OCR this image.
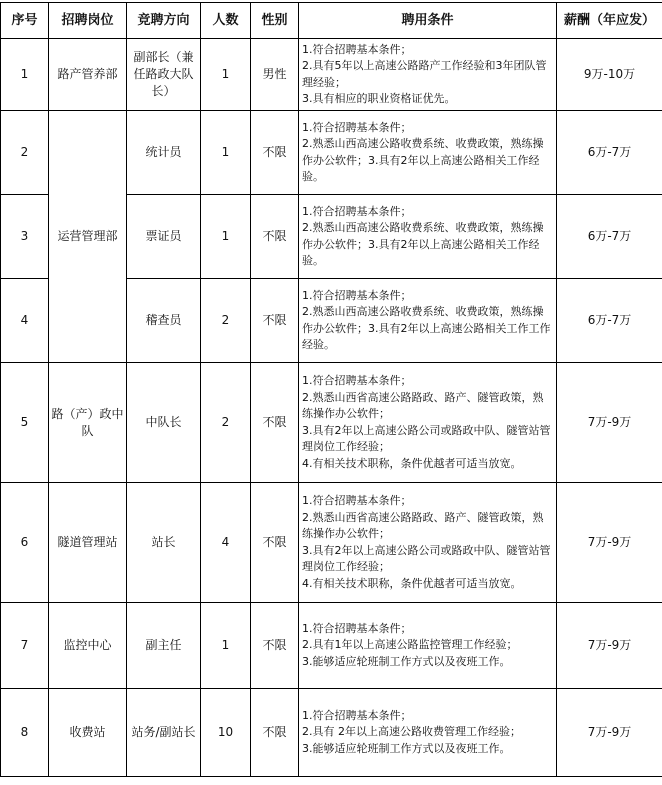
序号	招聘岗位	竞聘方向	人数	性别	聘用条件	薪酬（年应发）
1	路产管养部	副部长（兼任路政大队长）	1	男性	1.符合招聘基本条件；
2.具有5年以上高速公路路产工作经验和3年团队管理经验；
3.具有相应的职业资格证优先。	9万-10万
2	运营管理部	统计员	1	不限	1.符合招聘基本条件；
2.熟悉山西高速公路收费系统、收费政策，熟练操作办公软件；3.具有2年以上高速公路相关工作经验。	6万-7万
3		票证员	1	不限	1.符合招聘基本条件；
2.熟悉山西高速公路收费系统、收费政策，熟练操作办公软件；3.具有2年以上高速公路相关工作经验。	6万-7万
4		稽查员	2	不限	1.符合招聘基本条件；
2.熟悉山西高速公路收费系统、收费政策，熟练操作办公软件；3.具有2年以上高速公路相关工作工作经验。	6万-7万
5	路（产）政中队	中队长	2	不限	1.符合招聘基本条件；
2.熟悉山西省高速公路路政、路产、隧管政策，熟练操作办公软件；
3.具有2年以上高速公路公司或路政中队、隧管站管理岗位工作经验；
4.有相关技术职称，条件优越者可适当放宽。	7万-9万
6	隧道管理站	站长	4	不限	1.符合招聘基本条件；
2.熟悉山西省高速公路路政、路产、隧管政策，熟练操作办公软件；
3.具有2年以上高速公路公司或路政中队、隧管站管理岗位工作经验；
4.有相关技术职称，条件优越者可适当放宽。	7万-9万
7	监控中心	副主任	1	不限	1.符合招聘基本条件；
2.具有1年以上高速公路监控管理工作经验；
3.能够适应轮班制工作方式以及夜班工作。	7万-9万
8	收费站	站务/副站长	10	不限	1.符合招聘基本条件；
2.具有 2年以上高速公路收费管理工作经验；
3.能够适应轮班制工作方式以及夜班工作。	7万-9万
